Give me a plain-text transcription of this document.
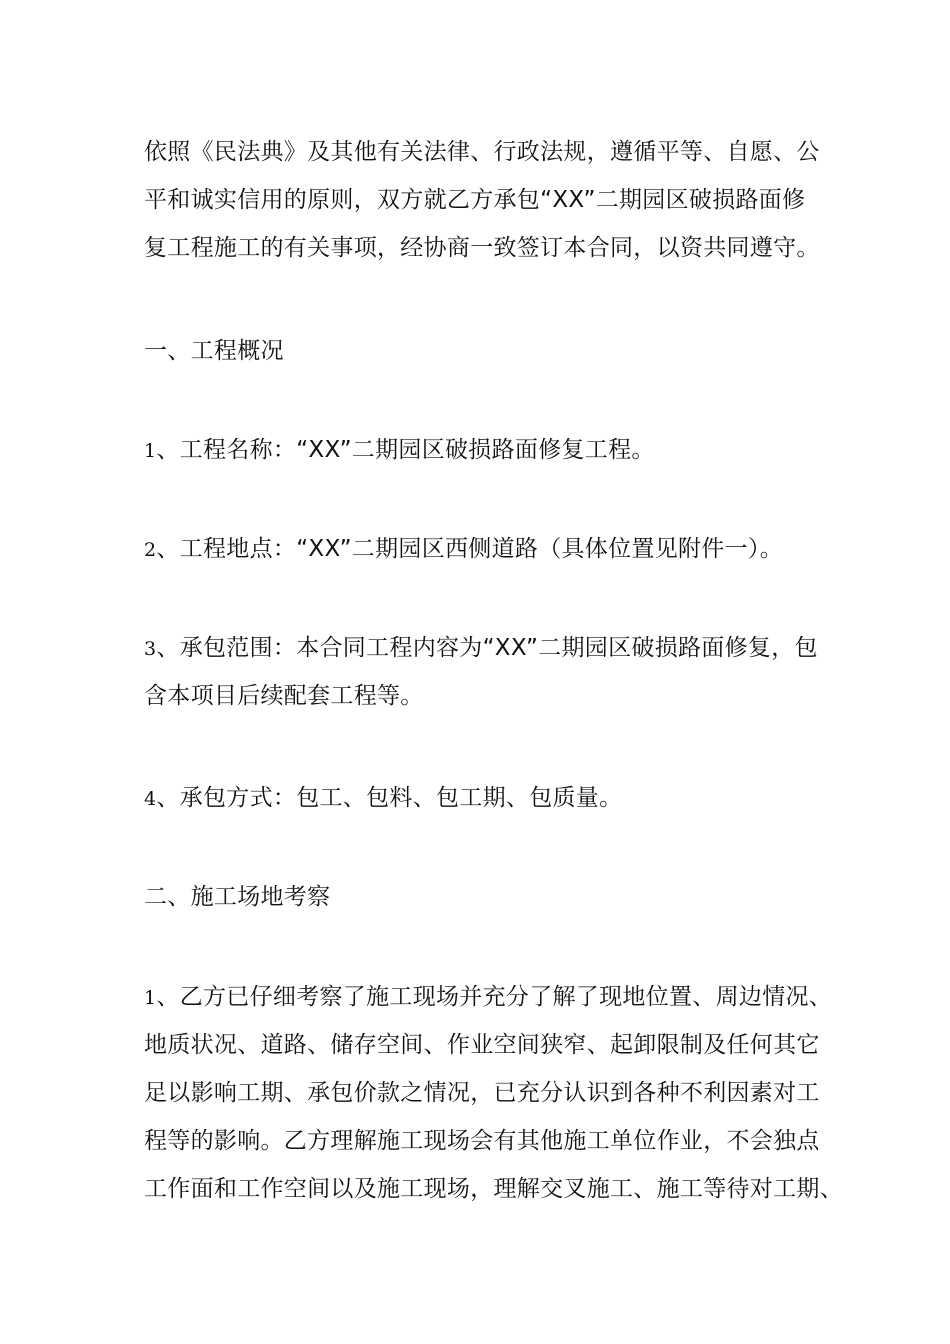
依照《民法典》及其他有关法律、行政法规，遵循平等、自愿、公
平和诚实信用的原则，双方就乙方承包“XX”二期园区破损路面修
复工程施工的有关事项，经协商一致签订本合同，以资共同遵守。
一、工程概况
1、工程名称：“XX”二期园区破损路面修复工程。
2、工程地点：“XX”二期园区西侧道路（具体位置见附件一）。
3、承包范围：本合同工程内容为“XX”二期园区破损路面修复，包
含本项目后续配套工程等。
4、承包方式：包工、包料、包工期、包质量。
二、施工场地考察
1、乙方已仔细考察了施工现场并充分了解了现地位置、周边情况、
地质状况、道路、储存空间、作业空间狭窄、起卸限制及任何其它
足以影响工期、承包价款之情况，已充分认识到各种不利因素对工
程等的影响。乙方理解施工现场会有其他施工单位作业，不会独点
工作面和工作空间以及施工现场，理解交叉施工、施工等待对工期、
